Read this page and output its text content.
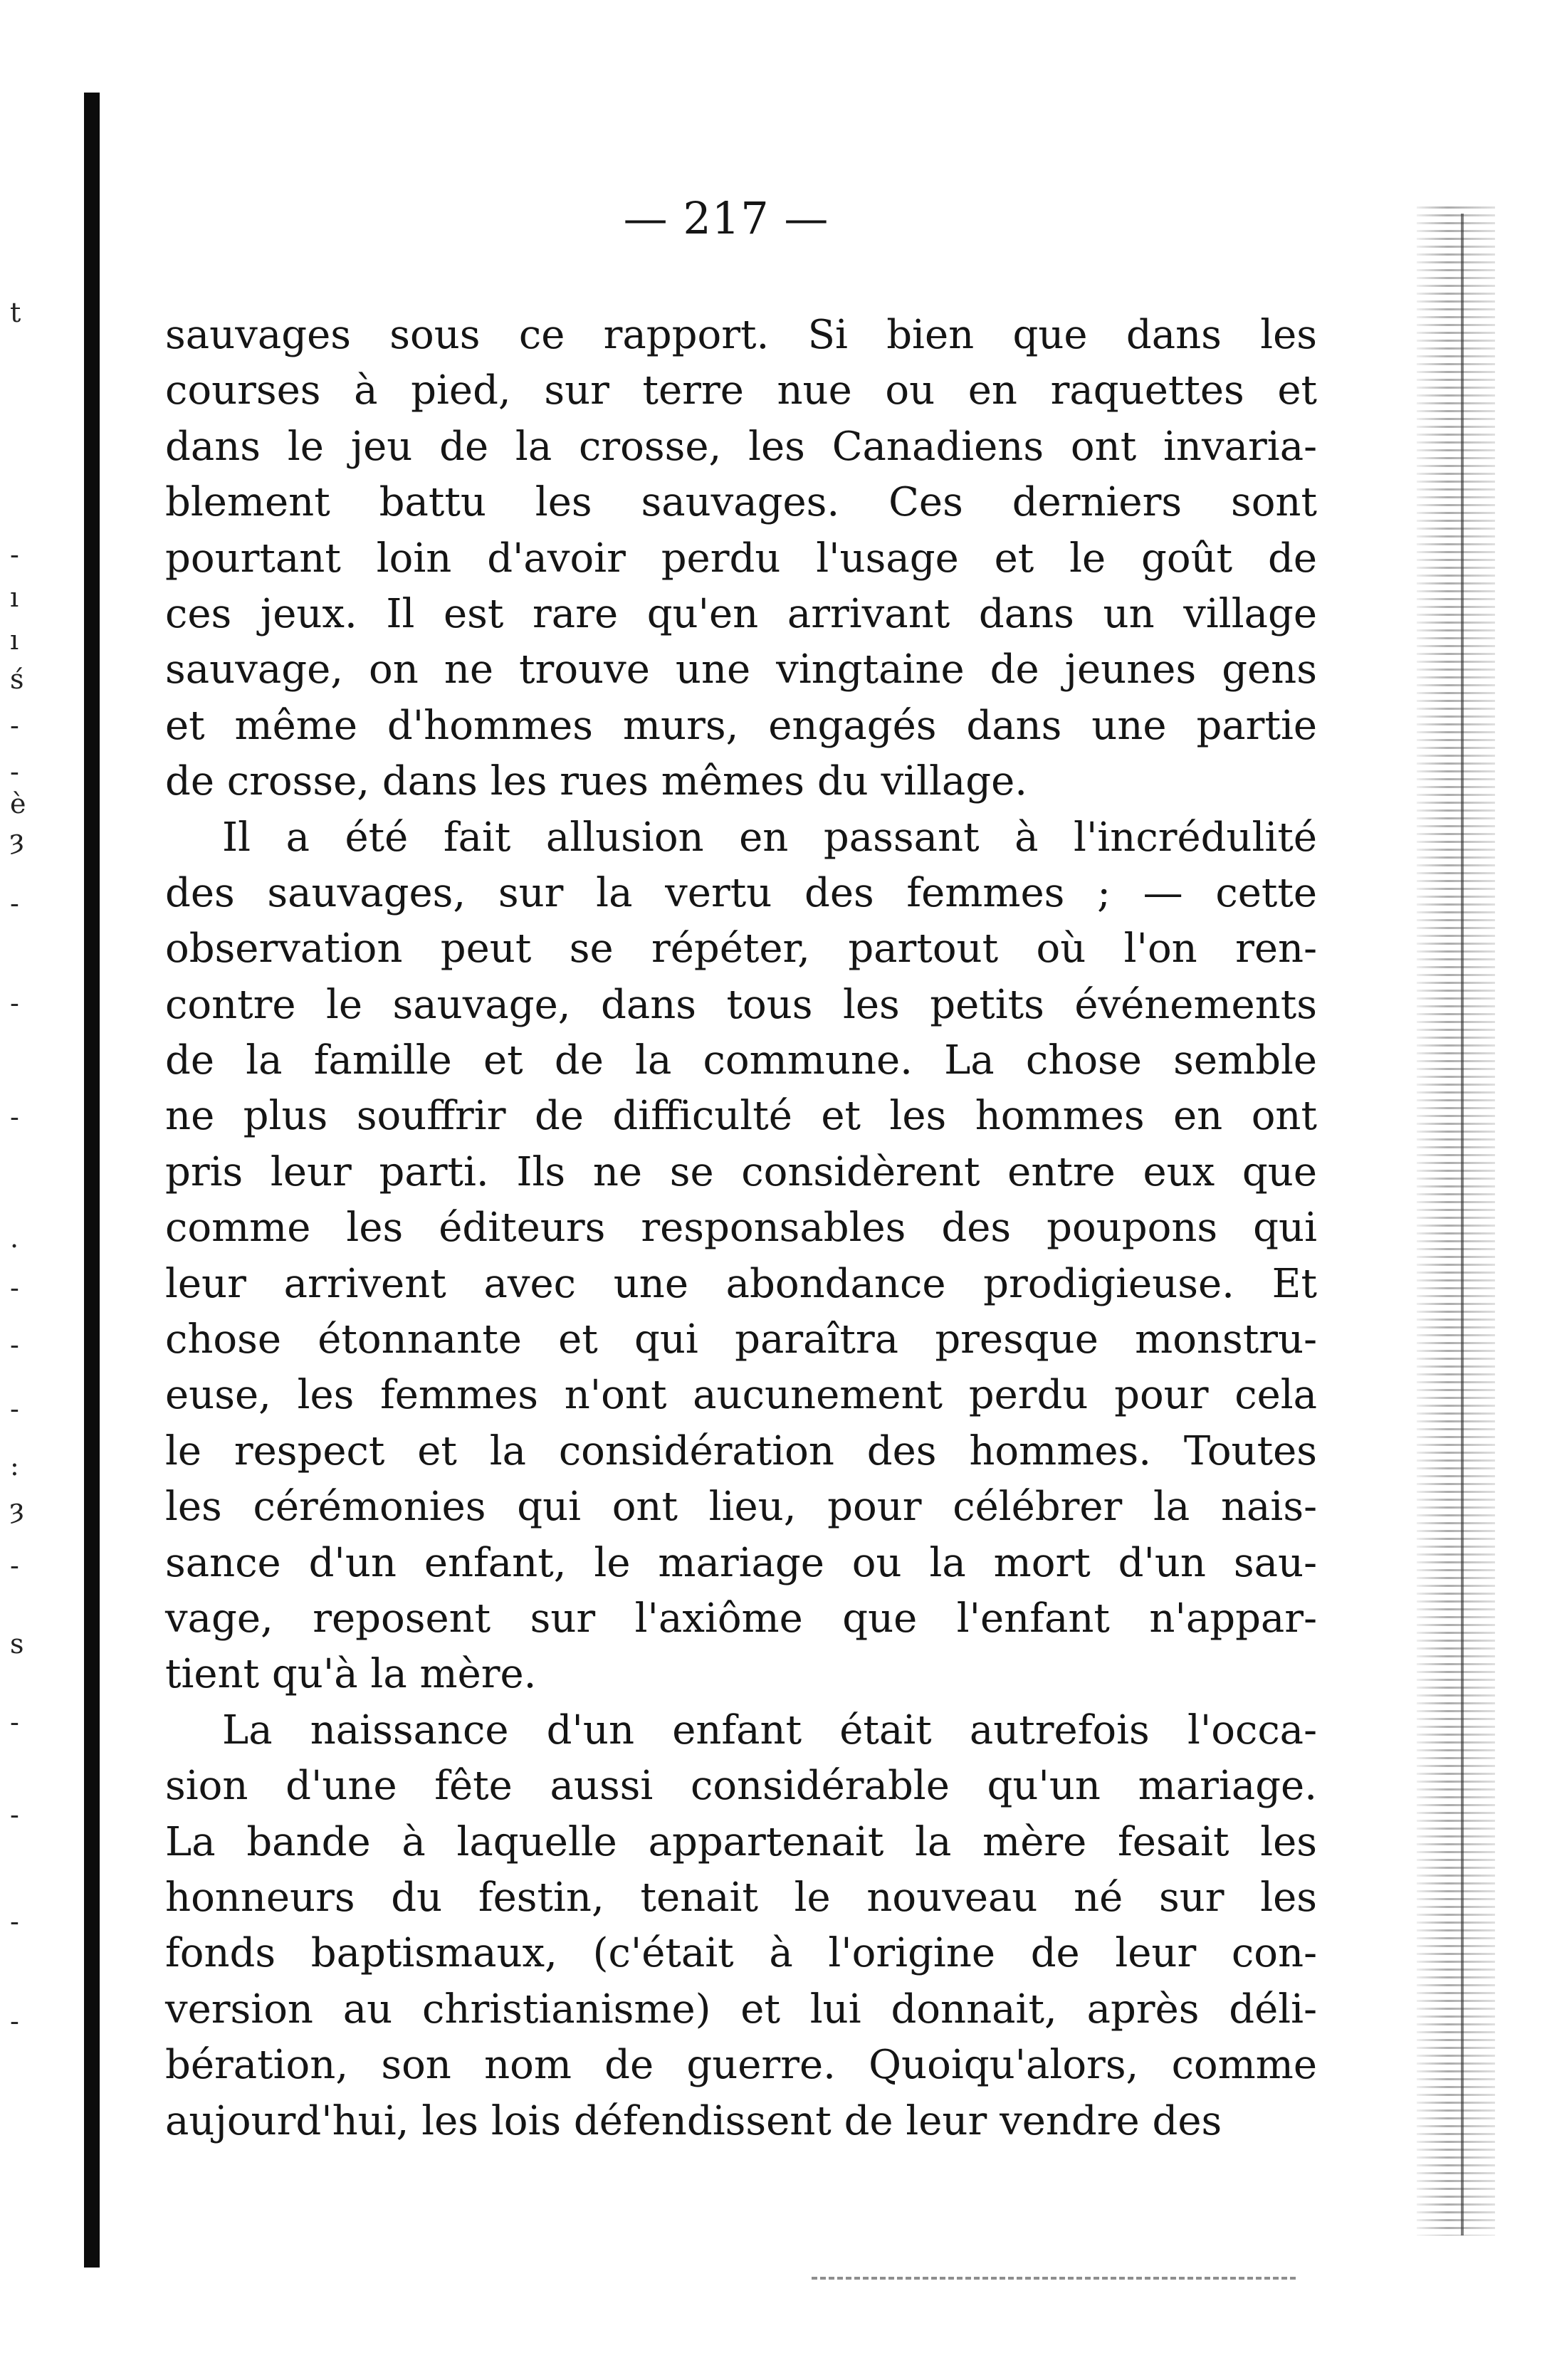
t
-
ı
ı
ś
-
-
è
ȝ
-
-
-
.
-
-
-
:
ȝ
-
s
-
-
-
-
— 217 —
sauvages sous ce rapport. Si bien que dans les
courses à pied, sur terre nue ou en raquettes et
dans le jeu de la crosse, les Canadiens ont invaria-
blement battu les sauvages. Ces derniers sont
pourtant loin d'avoir perdu l'usage et le goût de
ces jeux. Il est rare qu'en arrivant dans un village
sauvage, on ne trouve une vingtaine de jeunes gens
et même d'hommes murs, engagés dans une partie
de crosse, dans les rues mêmes du village.
Il a été fait allusion en passant à l'incrédulité
des sauvages, sur la vertu des femmes ; — cette
observation peut se répéter, partout où l'on ren-
contre le sauvage, dans tous les petits événements
de la famille et de la commune. La chose semble
ne plus souffrir de difficulté et les hommes en ont
pris leur parti. Ils ne se considèrent entre eux que
comme les éditeurs responsables des poupons qui
leur arrivent avec une abondance prodigieuse. Et
chose étonnante et qui paraîtra presque monstru-
euse, les femmes n'ont aucunement perdu pour cela
le respect et la considération des hommes. Toutes
les cérémonies qui ont lieu, pour célébrer la nais-
sance d'un enfant, le mariage ou la mort d'un sau-
vage, reposent sur l'axiôme que l'enfant n'appar-
tient qu'à la mère.
La naissance d'un enfant était autrefois l'occa-
sion d'une fête aussi considérable qu'un mariage.
La bande à laquelle appartenait la mère fesait les
honneurs du festin, tenait le nouveau né sur les
fonds baptismaux, (c'était à l'origine de leur con-
version au christianisme) et lui donnait, après déli-
bération, son nom de guerre. Quoiqu'alors, comme
aujourd'hui, les lois défendissent de leur vendre des
